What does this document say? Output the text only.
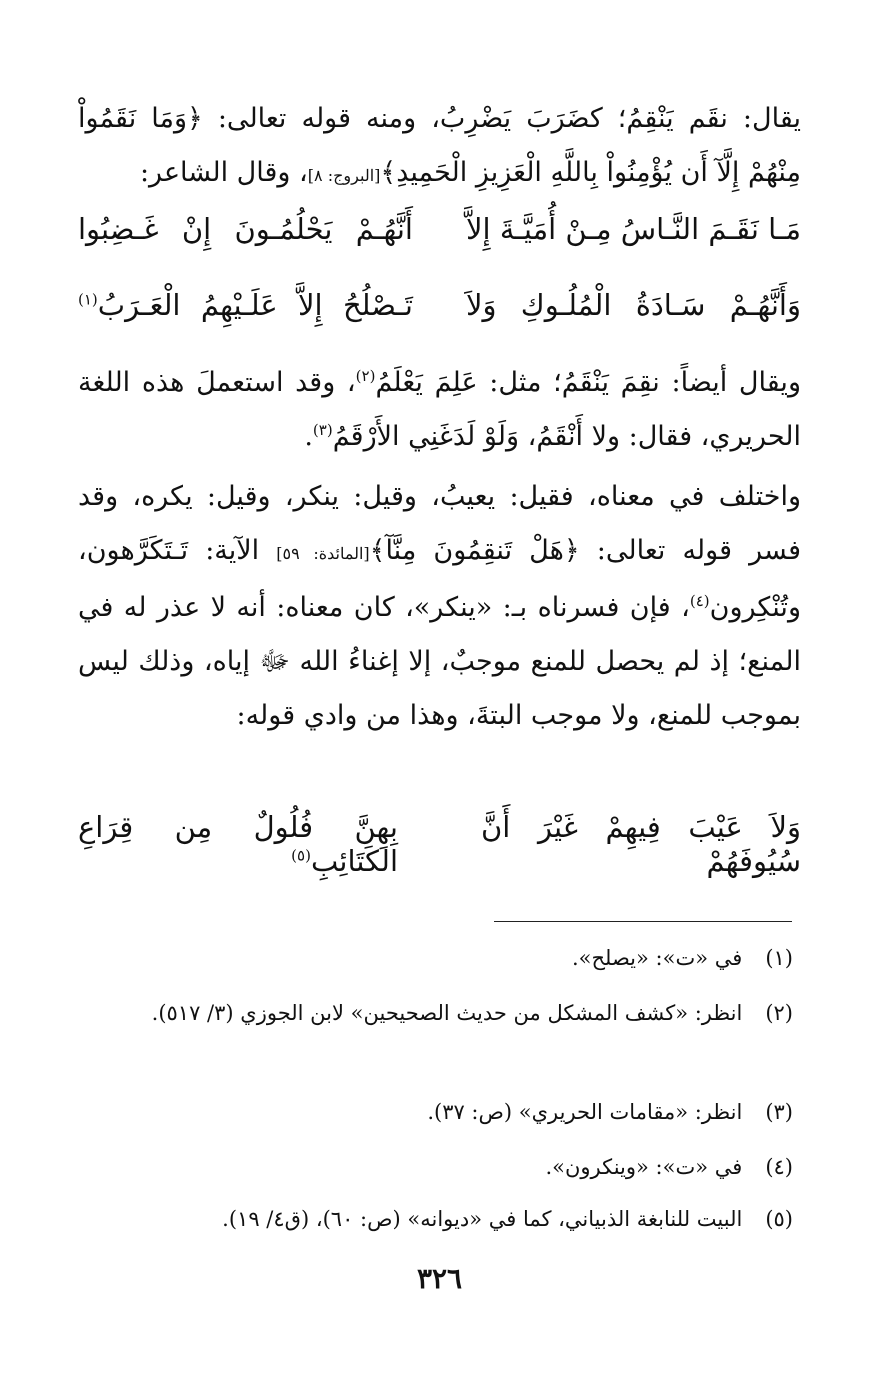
يقال: نقَم يَنْقِمُ؛ كضَرَبَ يَضْرِبُ، ومنه قوله تعالى: ﴿وَمَا نَقَمُواْ مِنْهُمْ إِلَّآ أَن يُؤْمِنُواْ بِاللَّهِ الْعَزِيزِ الْحَمِيدِ﴾[البروج: ٨]، وقال الشاعر:

مَـا نَقَـمَ النَّـاسُ مِـنْ أُمَيَّـةَ إِلاَّ
أَنَّهُـمْ يَحْلُمُـونَ إِنْ غَـضِبُوا
وَأَنَّهُـمْ سَـادَةُ الْمُلُـوكِ وَلاَ
تَـصْلُحُ إِلاَّ عَلَـيْهِمُ الْعَـرَبُ$^{(١)}$

ويقال أيضاً: نقِمَ يَنْقَمُ؛ مثل: عَلِمَ يَعْلَمُ$^{(٢)}$، وقد استعملَ هذه اللغة الحريري، فقال: ولا أَنْقَمُ، وَلَوْ لَدَغَنِي الأَرْقَمُ$^{(٣)}$.

واختلف في معناه، فقيل: يعيبُ، وقيل: ينكر، وقيل: يكره، وقد فسر قوله تعالى: ﴿هَلْ تَنقِمُونَ مِنَّآ﴾[المائدة: ٥٩] الآية: تَـتَكَرَّهون، وتُنْكِرون$^{(٤)}$، فإن فسرناه بـ: «ينكر»، كان معناه: أنه لا عذر له في المنع؛ إذ لم يحصل للمنع موجبٌ، إلا إغناءُ الله ﷻ إياه، وذلك ليس بموجب للمنع، ولا موجب البتةَ، وهذا من وادي قوله:

وَلاَ عَيْبَ فِيهِمْ غَيْرَ أَنَّ سُيُوفَهُمْ
بِهِنَّ فُلُولٌ مِن قِرَاعِ الكَتَائِبِ$^{(٥)}$
(١) في «ت»: «يصلح».
(٢) انظر: «كشف المشكل من حديث الصحيحين» لابن الجوزي (٣/ ٥١٧).
(٣) انظر: «مقامات الحريري» (ص: ٣٧).
(٤) في «ت»: «وينكرون».
(٥) البيت للنابغة الذبياني، كما في «ديوانه» (ص: ٦٠)، (ق٤/ ١٩).
٣٢٦
